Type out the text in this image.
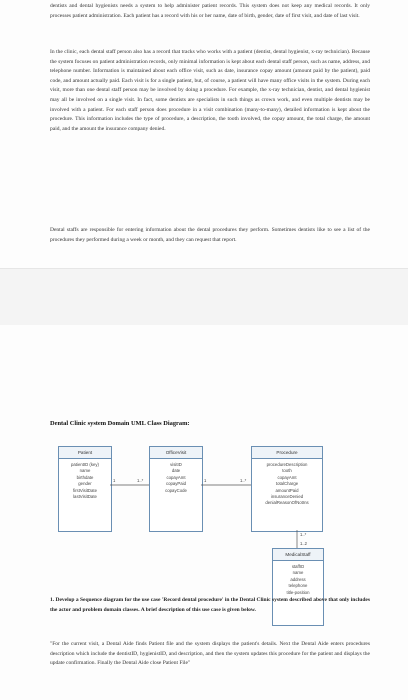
dentists and dental hygienists needs a system to help administer patient records. This system does not keep any medical records. It only processes patient administration. Each patient has a record with his or her name, date of birth, gender, date of first visit, and date of last visit.

In the clinic, each dental staff person also has a record that tracks who works with a patient (dentist, dental hygienist, x-ray technician). Because the system focuses on patient administration records, only minimal information is kept about each dental staff person, such as name, address, and telephone number. Information is maintained about each office visit, such as date, insurance copay amount (amount paid by the patient), paid code, and amount actually paid. Each visit is for a single patient, but, of course, a patient will have many office visits in the system. During each visit, more than one dental staff person may be involved by doing a procedure. For example, the x-ray technician, dentist, and dental hygienist may all be involved on a single visit. In fact, some dentists are specialists in such things as crown work, and even multiple dentists may be involved with a patient. For each staff person does procedure in a visit combination (many-to-many), detailed information is kept about the procedure. This information includes the type of procedure, a description, the tooth involved, the copay amount, the total charge, the amount paid, and the amount the insurance company denied.

Dental staffs are responsible for entering information about the dental procedures they perform. Sometimes dentists like to see a list of the procedures they performed during a week or month, and they can request that report.

Dental Clinic system Domain UML Class Diagram:

Patient
patientID (key)
name
birthdate
gender
firstVisitDate
lastVisitDate
OfficeVisit
visitID
date
copayAmt
copayPaid
copayCode
Procedure
procedureDescription
tooth
copayAmt
totalCharge
amountPaid
insuranceDenied
denialReasonOfNotIns
MedicalStaff
staffID
name
address
telephone
title-position
1	1..*	1	1..*
1..*
1..2

1. Develop a Sequence diagram for the use case 'Record dental procedure' in the Dental Clinic system described above that only includes the actor and problem domain classes. A brief description of this use case is given below.

"For the current visit, a Dental Aide finds Patient file and the system displays the patient's details. Next the Dental Aide enters procedures description which include the dentistID, hygienistID, and description, and then the system updates this procedure for the patient and displays the update confirmation. Finally the Dental Aide close Patient File"
